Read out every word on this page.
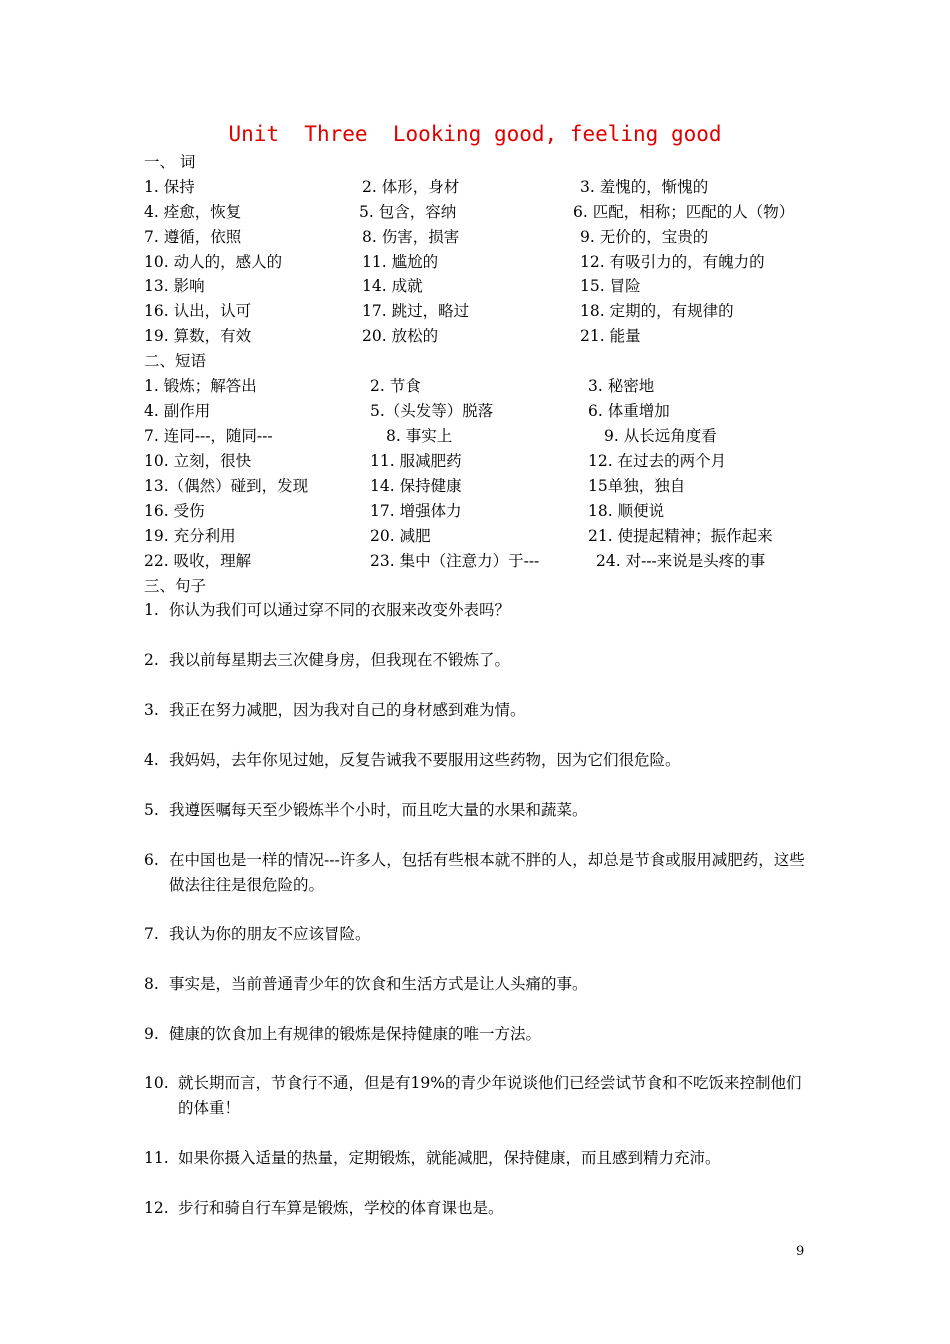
Unit  Three  Looking good, feeling good
一、 词
1. 保持	2. 体形，身材	3. 羞愧的，惭愧的
4. 痊愈，恢复	5. 包含，容纳	6. 匹配，相称；匹配的人（物）
7. 遵循，依照	8. 伤害，损害	9. 无价的，宝贵的
10. 动人的，感人的	11. 尴尬的	12. 有吸引力的，有魄力的
13. 影响	14. 成就	15. 冒险
16. 认出，认可	17. 跳过，略过	18. 定期的，有规律的
19. 算数，有效	20. 放松的	21. 能量
二、短语
1. 锻炼；解答出	2. 节食	3. 秘密地
4. 副作用	5.（头发等）脱落	6. 体重增加
7. 连同---，随同---	8. 事实上	9. 从长远角度看
10. 立刻，很快	11. 服减肥药	12. 在过去的两个月
13.（偶然）碰到，发现	14. 保持健康	15单独，独自
16. 受伤	17. 增强体力	18. 顺便说
19. 充分利用	20. 减肥	21. 使提起精神；振作起来
22. 吸收，理解	23. 集中（注意力）于---	24. 对---来说是头疼的事
三、句子
1. 你认为我们可以通过穿不同的衣服来改变外表吗？
2. 我以前每星期去三次健身房，但我现在不锻炼了。
3. 我正在努力减肥，因为我对自己的身材感到难为情。
4. 我妈妈，去年你见过她，反复告诫我不要服用这些药物，因为它们很危险。
5. 我遵医嘱每天至少锻炼半个小时，而且吃大量的水果和蔬菜。
6. 在中国也是一样的情况---许多人，包括有些根本就不胖的人，却总是节食或服用减肥药，这些做法往往是很危险的。
7. 我认为你的朋友不应该冒险。
8. 事实是，当前普通青少年的饮食和生活方式是让人头痛的事。
9. 健康的饮食加上有规律的锻炼是保持健康的唯一方法。
10. 就长期而言，节食行不通，但是有19%的青少年说谈他们已经尝试节食和不吃饭来控制他们的体重！
11. 如果你摄入适量的热量，定期锻炼，就能减肥，保持健康，而且感到精力充沛。
12. 步行和骑自行车算是锻炼，学校的体育课也是。
9
